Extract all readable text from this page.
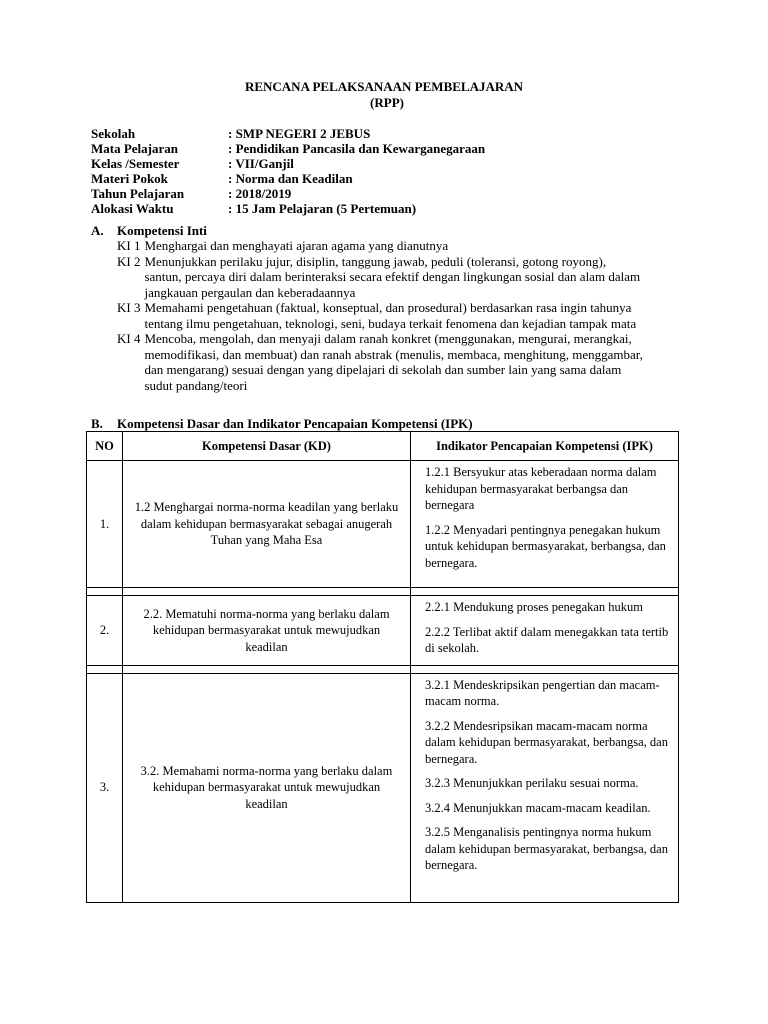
RENCANA PELAKSANAAN PEMBELAJARAN
(RPP)
Sekolah	: SMP NEGERI 2 JEBUS
Mata Pelajaran	: Pendidikan Pancasila dan Kewarganegaraan
Kelas /Semester	: VII/Ganjil
Materi Pokok	: Norma dan Keadilan
Tahun Pelajaran	: 2018/2019
Alokasi Waktu	: 15 Jam Pelajaran (5 Pertemuan)
A. Kompetensi Inti
KI 1 Menghargai dan menghayati ajaran agama yang dianutnya
KI 2 Menunjukkan perilaku jujur, disiplin, tanggung jawab, peduli (toleransi, gotong royong), santun, percaya diri dalam berinteraksi secara efektif dengan lingkungan sosial dan alam dalam jangkauan pergaulan dan keberadaannya
KI 3 Memahami pengetahuan (faktual, konseptual, dan prosedural) berdasarkan rasa ingin tahunya tentang ilmu pengetahuan, teknologi, seni, budaya terkait fenomena dan kejadian tampak mata
KI 4 Mencoba, mengolah, dan menyaji dalam ranah konkret (menggunakan, mengurai, merangkai, memodifikasi, dan membuat) dan ranah abstrak (menulis, membaca, menghitung, menggambar, dan mengarang) sesuai dengan yang dipelajari di sekolah dan sumber lain yang sama dalam sudut pandang/teori
B. Kompetensi Dasar dan Indikator Pencapaian Kompetensi (IPK)
NO	Kompetensi Dasar (KD)	Indikator Pencapaian Kompetensi (IPK)
1.	1.2 Menghargai norma-norma keadilan yang berlaku dalam kehidupan bermasyarakat sebagai anugerah Tuhan yang Maha Esa	1.2.1 Bersyukur atas keberadaan norma dalam kehidupan bermasyarakat berbangsa dan bernegara
1.2.2 Menyadari pentingnya penegakan hukum untuk kehidupan bermasyarakat, berbangsa, dan bernegara.

2.	2.2. Mematuhi norma-norma yang berlaku dalam kehidupan bermasyarakat untuk mewujudkan keadilan	2.2.1 Mendukung proses penegakan hukum
2.2.2 Terlibat aktif dalam menegakkan tata tertib di sekolah.

3.	3.2. Memahami norma-norma yang berlaku dalam kehidupan bermasyarakat untuk mewujudkan keadilan	3.2.1 Mendeskripsikan pengertian dan macam-macam norma.
3.2.2 Mendesripsikan macam-macam norma dalam kehidupan bermasyarakat, berbangsa, dan bernegara.
3.2.3 Menunjukkan perilaku sesuai norma.
3.2.4 Menunjukkan macam-macam keadilan.
3.2.5 Menganalisis pentingnya norma hukum dalam kehidupan bermasyarakat, berbangsa, dan bernegara.
